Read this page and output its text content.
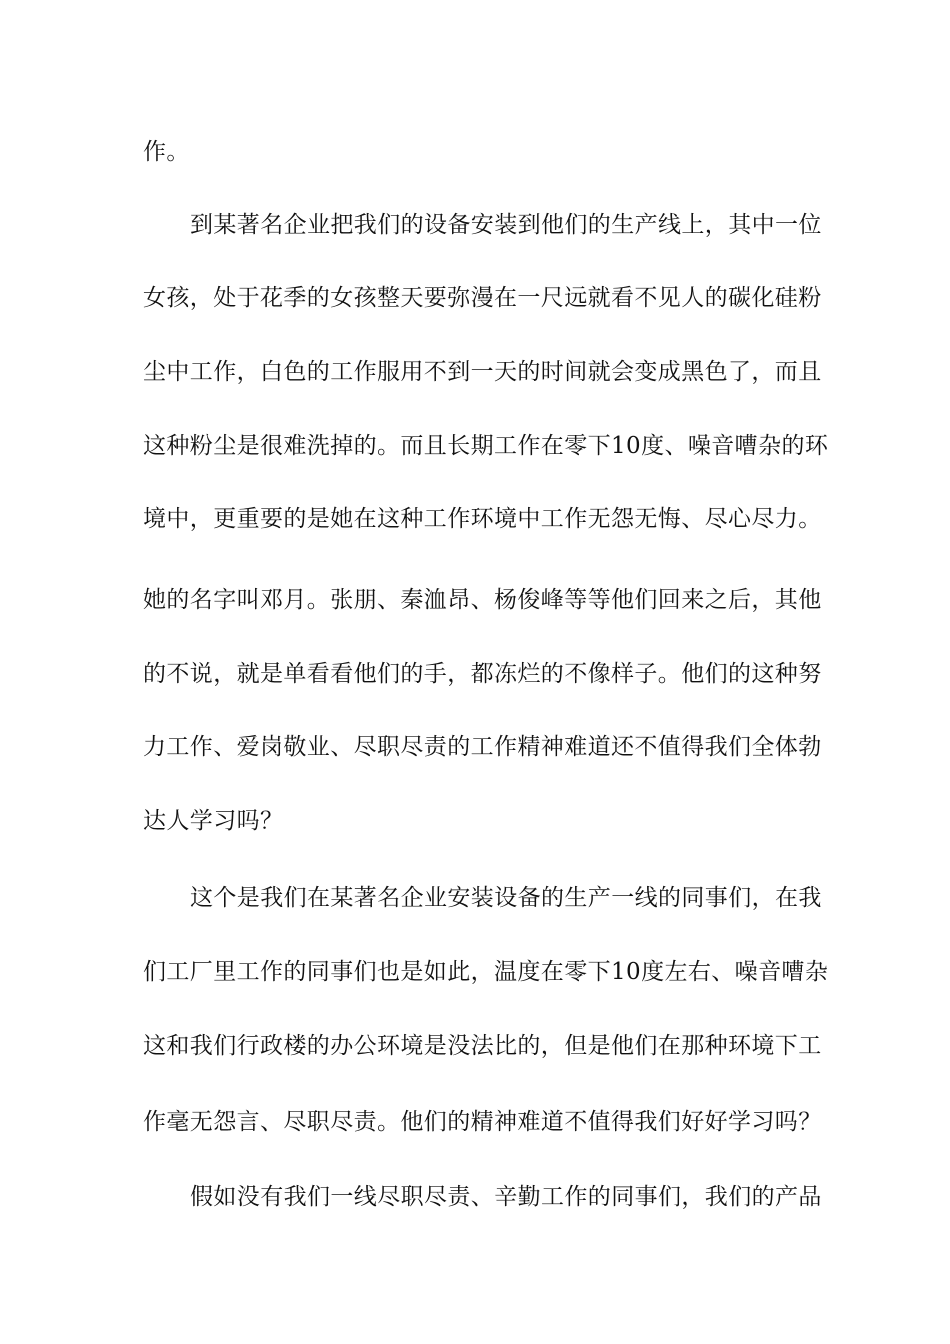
作。
到某著名企业把我们的设备安装到他们的生产线上，其中一位
女孩，处于花季的女孩整天要弥漫在一尺远就看不见人的碳化硅粉
尘中工作，白色的工作服用不到一天的时间就会变成黑色了，而且
这种粉尘是很难洗掉的。而且长期工作在零下10度、噪音嘈杂的环
境中，更重要的是她在这种工作环境中工作无怨无悔、尽心尽力。
她的名字叫邓月。张朋、秦洫昂、杨俊峰等等他们回来之后，其他
的不说，就是单看看他们的手，都冻烂的不像样子。他们的这种努
力工作、爱岗敬业、尽职尽责的工作精神难道还不值得我们全体勃
达人学习吗？
这个是我们在某著名企业安装设备的生产一线的同事们，在我
们工厂里工作的同事们也是如此，温度在零下10度左右、噪音嘈杂
这和我们行政楼的办公环境是没法比的，但是他们在那种环境下工
作毫无怨言、尽职尽责。他们的精神难道不值得我们好好学习吗？
假如没有我们一线尽职尽责、辛勤工作的同事们，我们的产品
